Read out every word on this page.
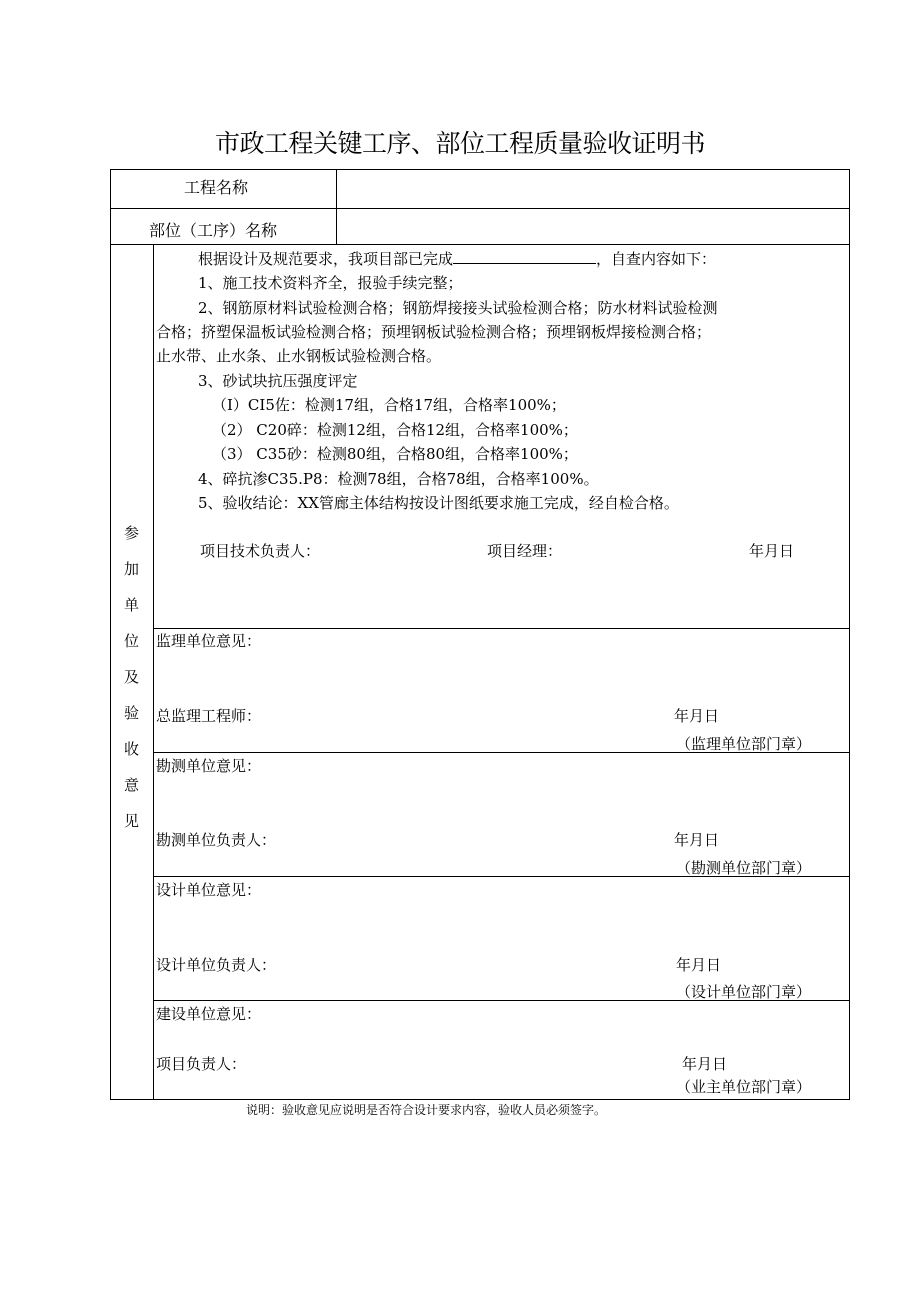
市政工程关键工序、部位工程质量验收证明书
工程名称
部位（工序）名称
参
加
单
位
及
验
收
意
见
根据设计及规范要求，我项目部已完成	，自查内容如下：
1、施工技术资料齐全，报验手续完整；
2、钢筋原材料试验检测合格；钢筋焊接接头试验检测合格；防水材料试验检测
合格；挤塑保温板试验检测合格；预埋钢板试验检测合格；预埋钢板焊接检测合格；
止水带、止水条、止水钢板试验检测合格。
3、砂试块抗压强度评定
（I）CI5佐：检测17组，合格17组，合格率100%；
（2） C20碎：检测12组，合格12组，合格率100%；
（3） C35砂：检测80组，合格80组，合格率100%；
4、碎抗渗C35.P8：检测78组，合格78组，合格率100%。
5、验收结论：XX管廊主体结构按设计图纸要求施工完成，经自检合格。
项目技术负责人：	项目经理：	年月日
监理单位意见：
总监理工程师：	年月日
（监理单位部门章）
勘测单位意见：
勘测单位负责人：	年月日
（勘测单位部门章）
设计单位意见：
设计单位负责人：	年月日
（设计单位部门章）
建设单位意见：
项目负责人：	年月日
（业主单位部门章）
说明：验收意见应说明是否符合设计要求内容，验收人员必须签字。
